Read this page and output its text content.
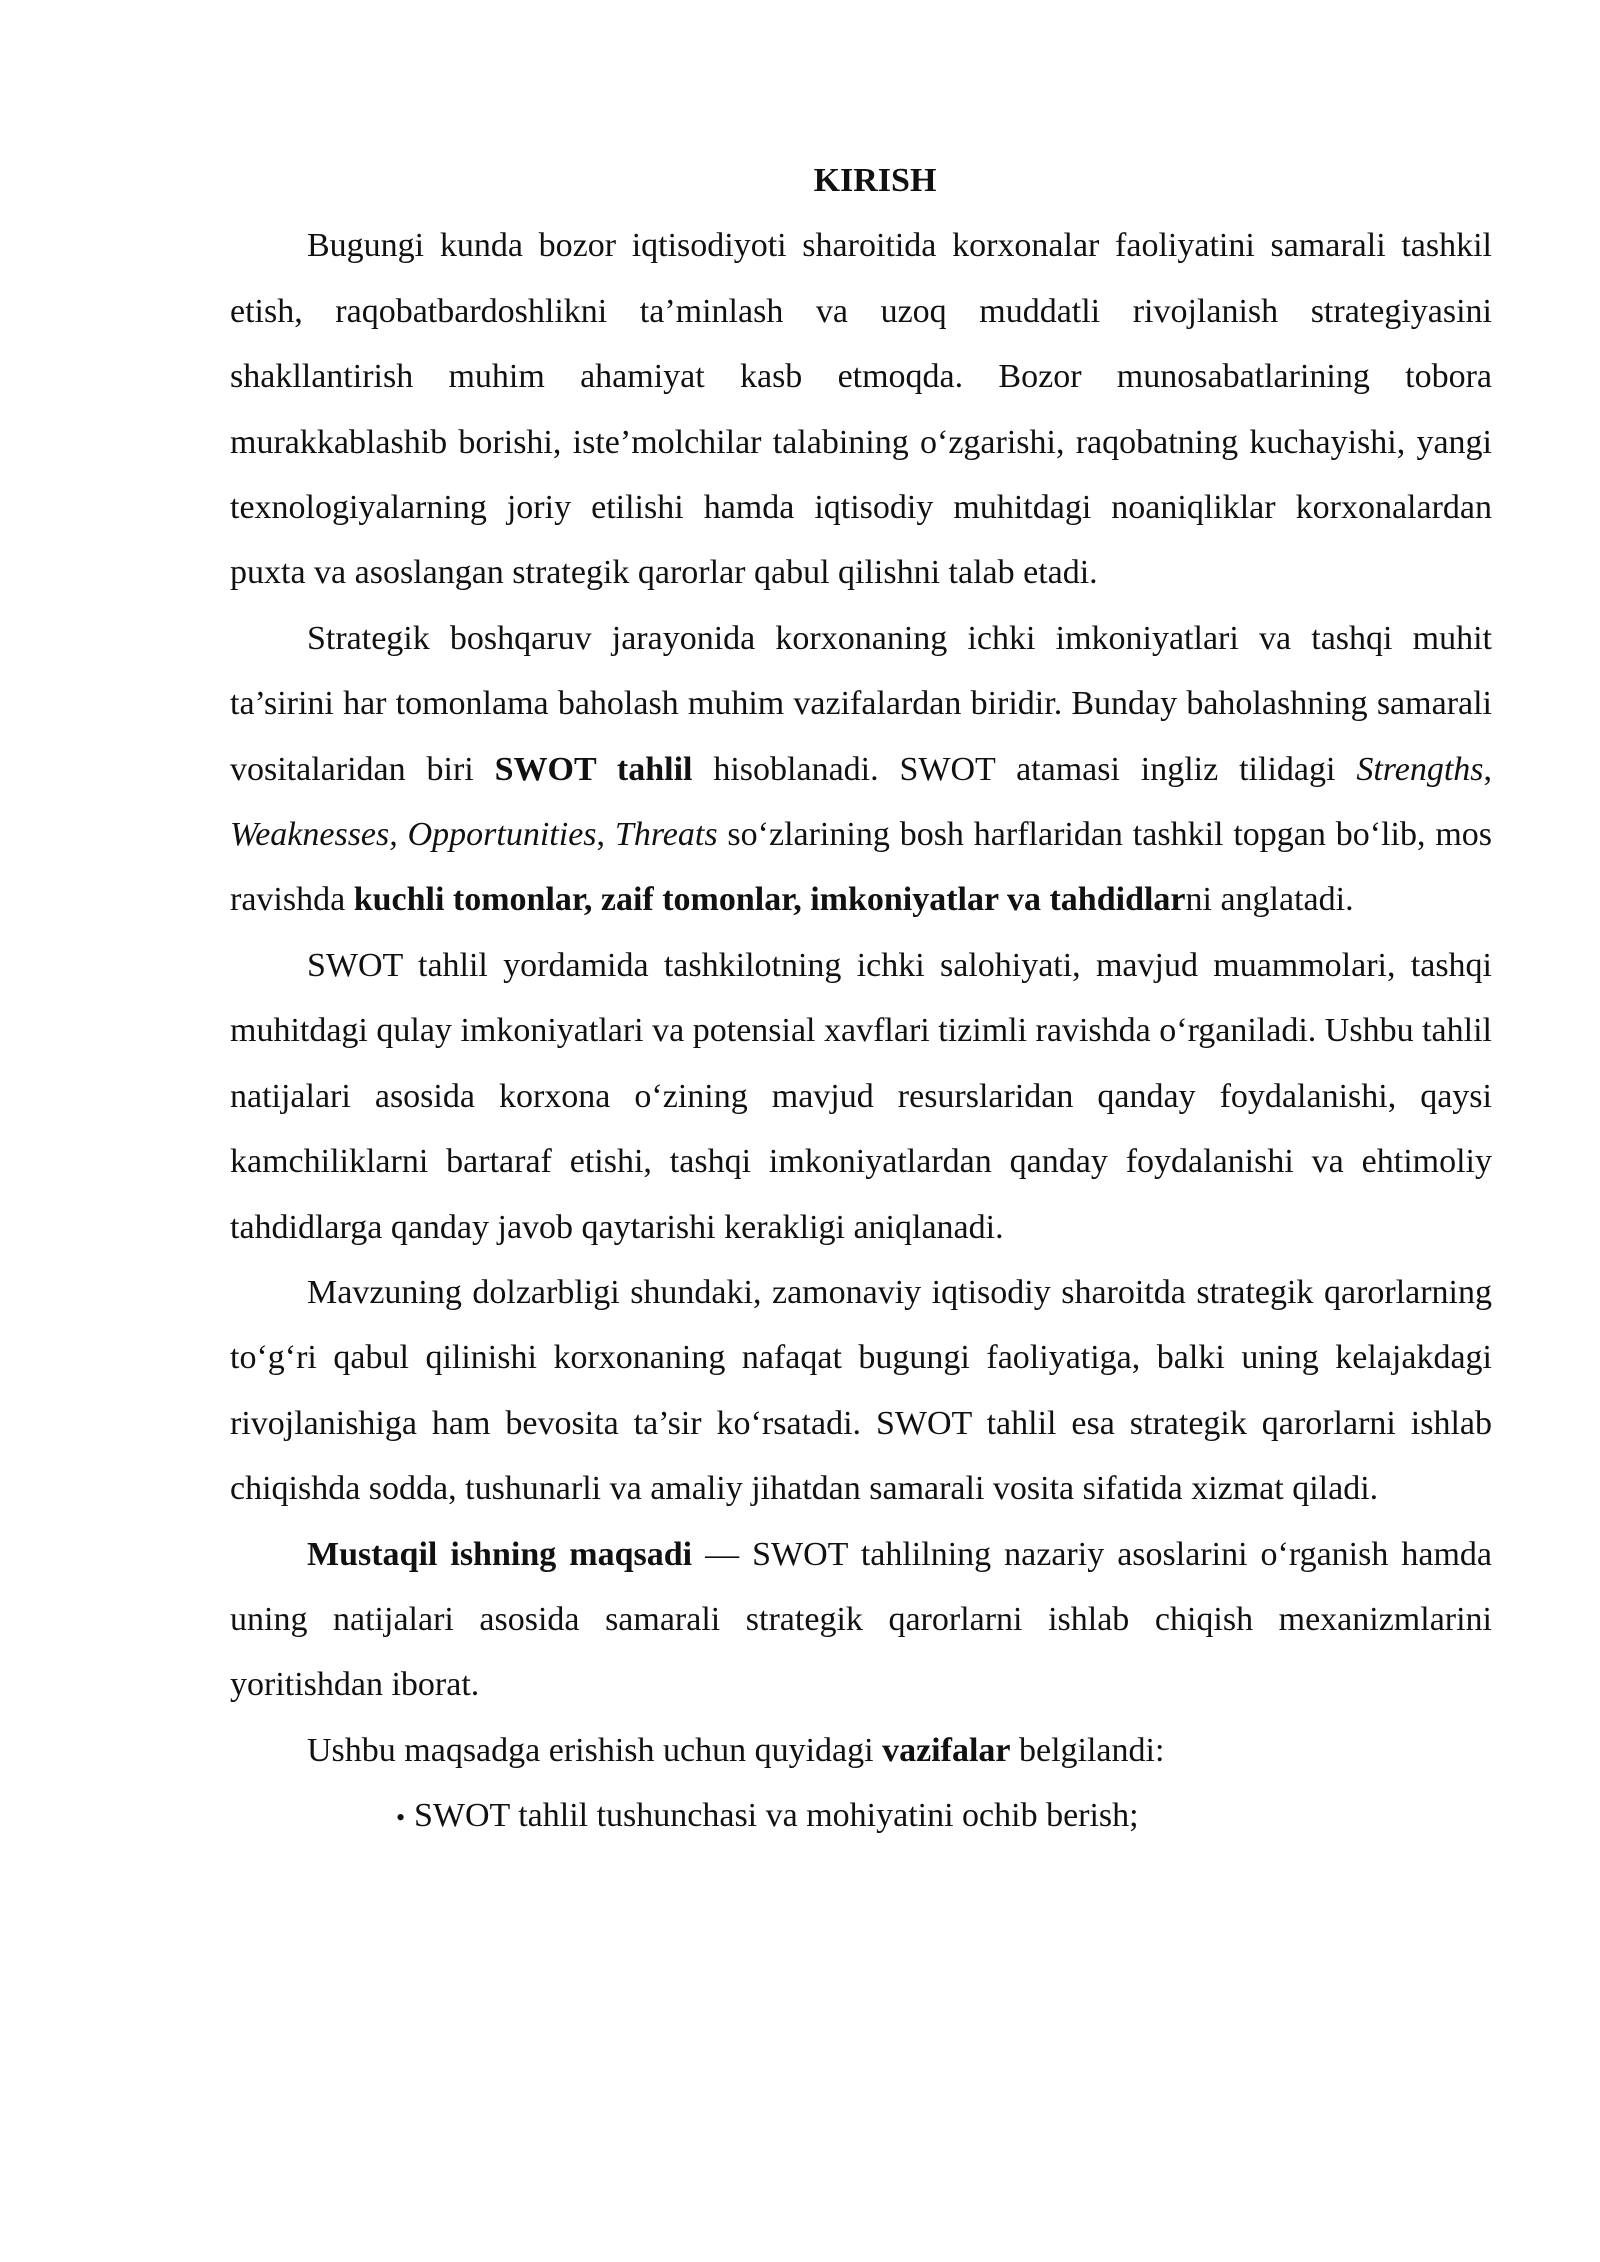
KIRISH

Bugungi kunda bozor iqtisodiyoti sharoitida korxonalar faoliyatini samarali tashkil etish, raqobatbardoshlikni ta’minlash va uzoq muddatli rivojlanish strategiyasini shakllantirish muhim ahamiyat kasb etmoqda. Bozor munosabatlarining tobora murakkablashib borishi, iste’molchilar talabining o‘zgarishi, raqobatning kuchayishi, yangi texnologiyalarning joriy etilishi hamda iqtisodiy muhitdagi noaniqliklar korxonalardan puxta va asoslangan strategik qarorlar qabul qilishni talab etadi.

Strategik boshqaruv jarayonida korxonaning ichki imkoniyatlari va tashqi muhit ta’sirini har tomonlama baholash muhim vazifalardan biridir. Bunday baholashning samarali vositalaridan biri SWOT tahlil hisoblanadi. SWOT atamasi ingliz tilidagi Strengths, Weaknesses, Opportunities, Threats so‘zlarining bosh harflaridan tashkil topgan bo‘lib, mos ravishda kuchli tomonlar, zaif tomonlar, imkoniyatlar va tahdidlarni anglatadi.

SWOT tahlil yordamida tashkilotning ichki salohiyati, mavjud muammolari, tashqi muhitdagi qulay imkoniyatlari va potensial xavflari tizimli ravishda o‘rganiladi. Ushbu tahlil natijalari asosida korxona o‘zining mavjud resurslaridan qanday foydalanishi, qaysi kamchiliklarni bartaraf etishi, tashqi imkoniyatlardan qanday foydalanishi va ehtimoliy tahdidlarga qanday javob qaytarishi kerakligi aniqlanadi.

Mavzuning dolzarbligi shundaki, zamonaviy iqtisodiy sharoitda strategik qarorlarning to‘g‘ri qabul qilinishi korxonaning nafaqat bugungi faoliyatiga, balki uning kelajakdagi rivojlanishiga ham bevosita ta’sir ko‘rsatadi. SWOT tahlil esa strategik qarorlarni ishlab chiqishda sodda, tushunarli va amaliy jihatdan samarali vosita sifatida xizmat qiladi.

Mustaqil ishning maqsadi — SWOT tahlilning nazariy asoslarini o‘rganish hamda uning natijalari asosida samarali strategik qarorlarni ishlab chiqish mexanizmlarini yoritishdan iborat.

Ushbu maqsadga erishish uchun quyidagi vazifalar belgilandi:

• SWOT tahlil tushunchasi va mohiyatini ochib berish;
